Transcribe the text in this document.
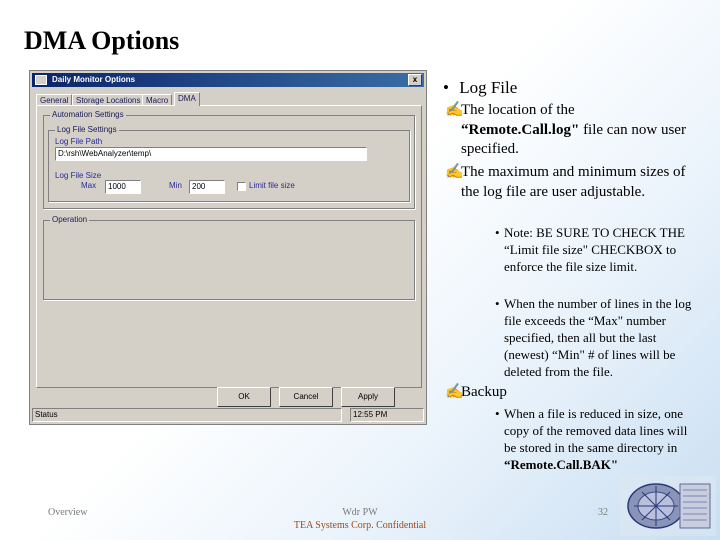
DMA Options
Daily Monitor Options	x
General Storage Locations Macro	DMA
Automation Settings
Log File Settings
Log File Path
D:\rsh\WebAnalyzer\temp\
Log File Size
Max	1000	Min	200	Limit file size
Operation
OK	Cancel	Apply
Status	12:55 PM
• Log File
✍
The location of the
“Remote.Call.log" file can now user specified.
✍
The maximum and minimum sizes of the log file are user adjustable.
• Note: BE SURE TO CHECK THE “Limit file size" CHECKBOX to enforce the file size limit.
• When the number of lines in the log file exceeds the “Max" number specified, then all but the last (newest) “Min" # of lines will be deleted from the file.
✍
Backup
• When a file is reduced in size, one copy of the removed data lines will be stored in the same directory in “Remote.Call.BAK"
Overview	Wdr PW
TEA Systems Corp. Confidential
32
